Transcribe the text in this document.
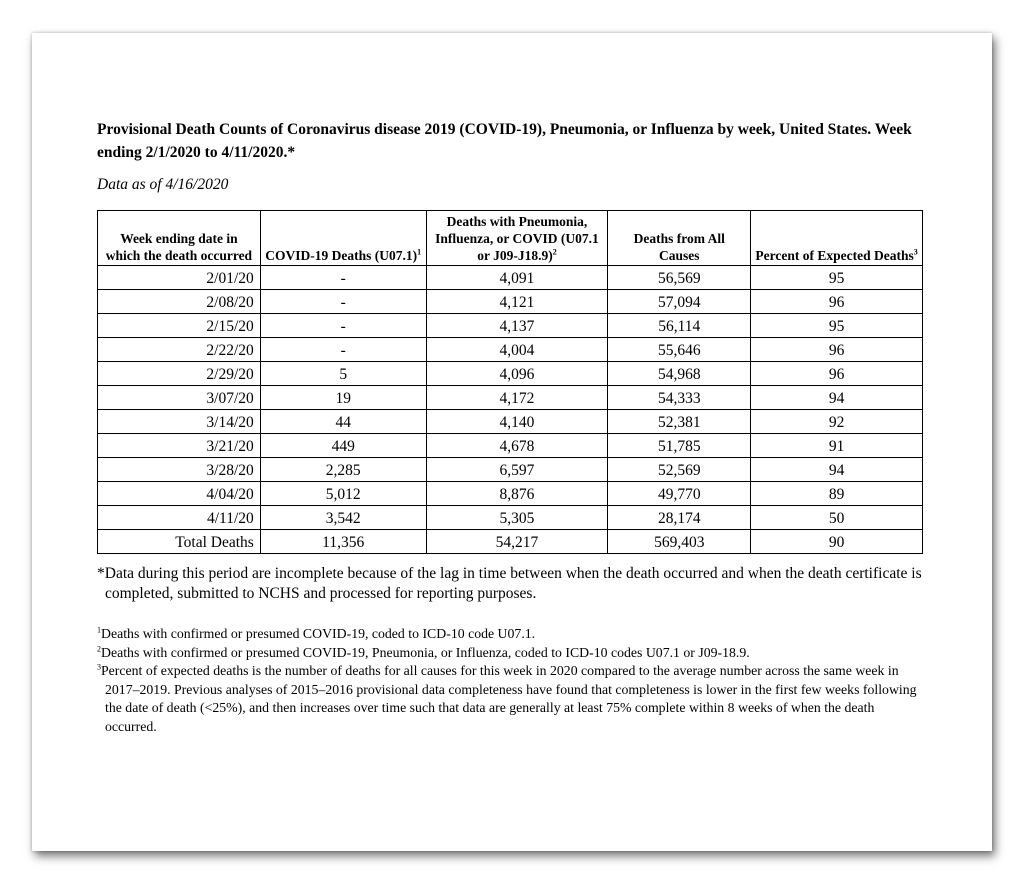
Provisional Death Counts of Coronavirus disease 2019 (COVID-19), Pneumonia, or Influenza by week, United States. Week ending 2/1/2020 to 4/11/2020.*

Data as of 4/16/2020

Week ending date in which the death occurred	COVID-19 Deaths $(U07.1)^1$	Deaths with Pneumonia, Influenza, or COVID (U07.1 or J09-J18.9)$^2$	Deaths from All Causes	Percent of Expected Deaths$^3$
2/01/20	-	4,091	56,569	95
2/08/20	-	4,121	57,094	96
2/15/20	-	4,137	56,114	95
2/22/20	-	4,004	55,646	96
2/29/20	5	4,096	54,968	96
3/07/20	19	4,172	54,333	94
3/14/20	44	4,140	52,381	92
3/21/20	449	4,678	51,785	91
3/28/20	2,285	6,597	52,569	94
4/04/20	5,012	8,876	49,770	89
4/11/20	3,542	5,305	28,174	50
Total Deaths	11,356	54,217	569,403	90

*Data during this period are incomplete because of the lag in time between when the death occurred and when the death certificate is completed, submitted to NCHS and processed for reporting purposes.

$^1$Deaths with confirmed or presumed COVID-19, coded to ICD-10 code U07.1.
$^2$Deaths with confirmed or presumed COVID-19, Pneumonia, or Influenza, coded to ICD-10 codes U07.1 or J09-18.9.
$^3$Percent of expected deaths is the number of deaths for all causes for this week in 2020 compared to the average number across the same week in 2017–2019. Previous analyses of 2015–2016 provisional data completeness have found that completeness is lower in the first few weeks following the date of death (<25%), and then increases over time such that data are generally at least 75% complete within 8 weeks of when the death occurred.
